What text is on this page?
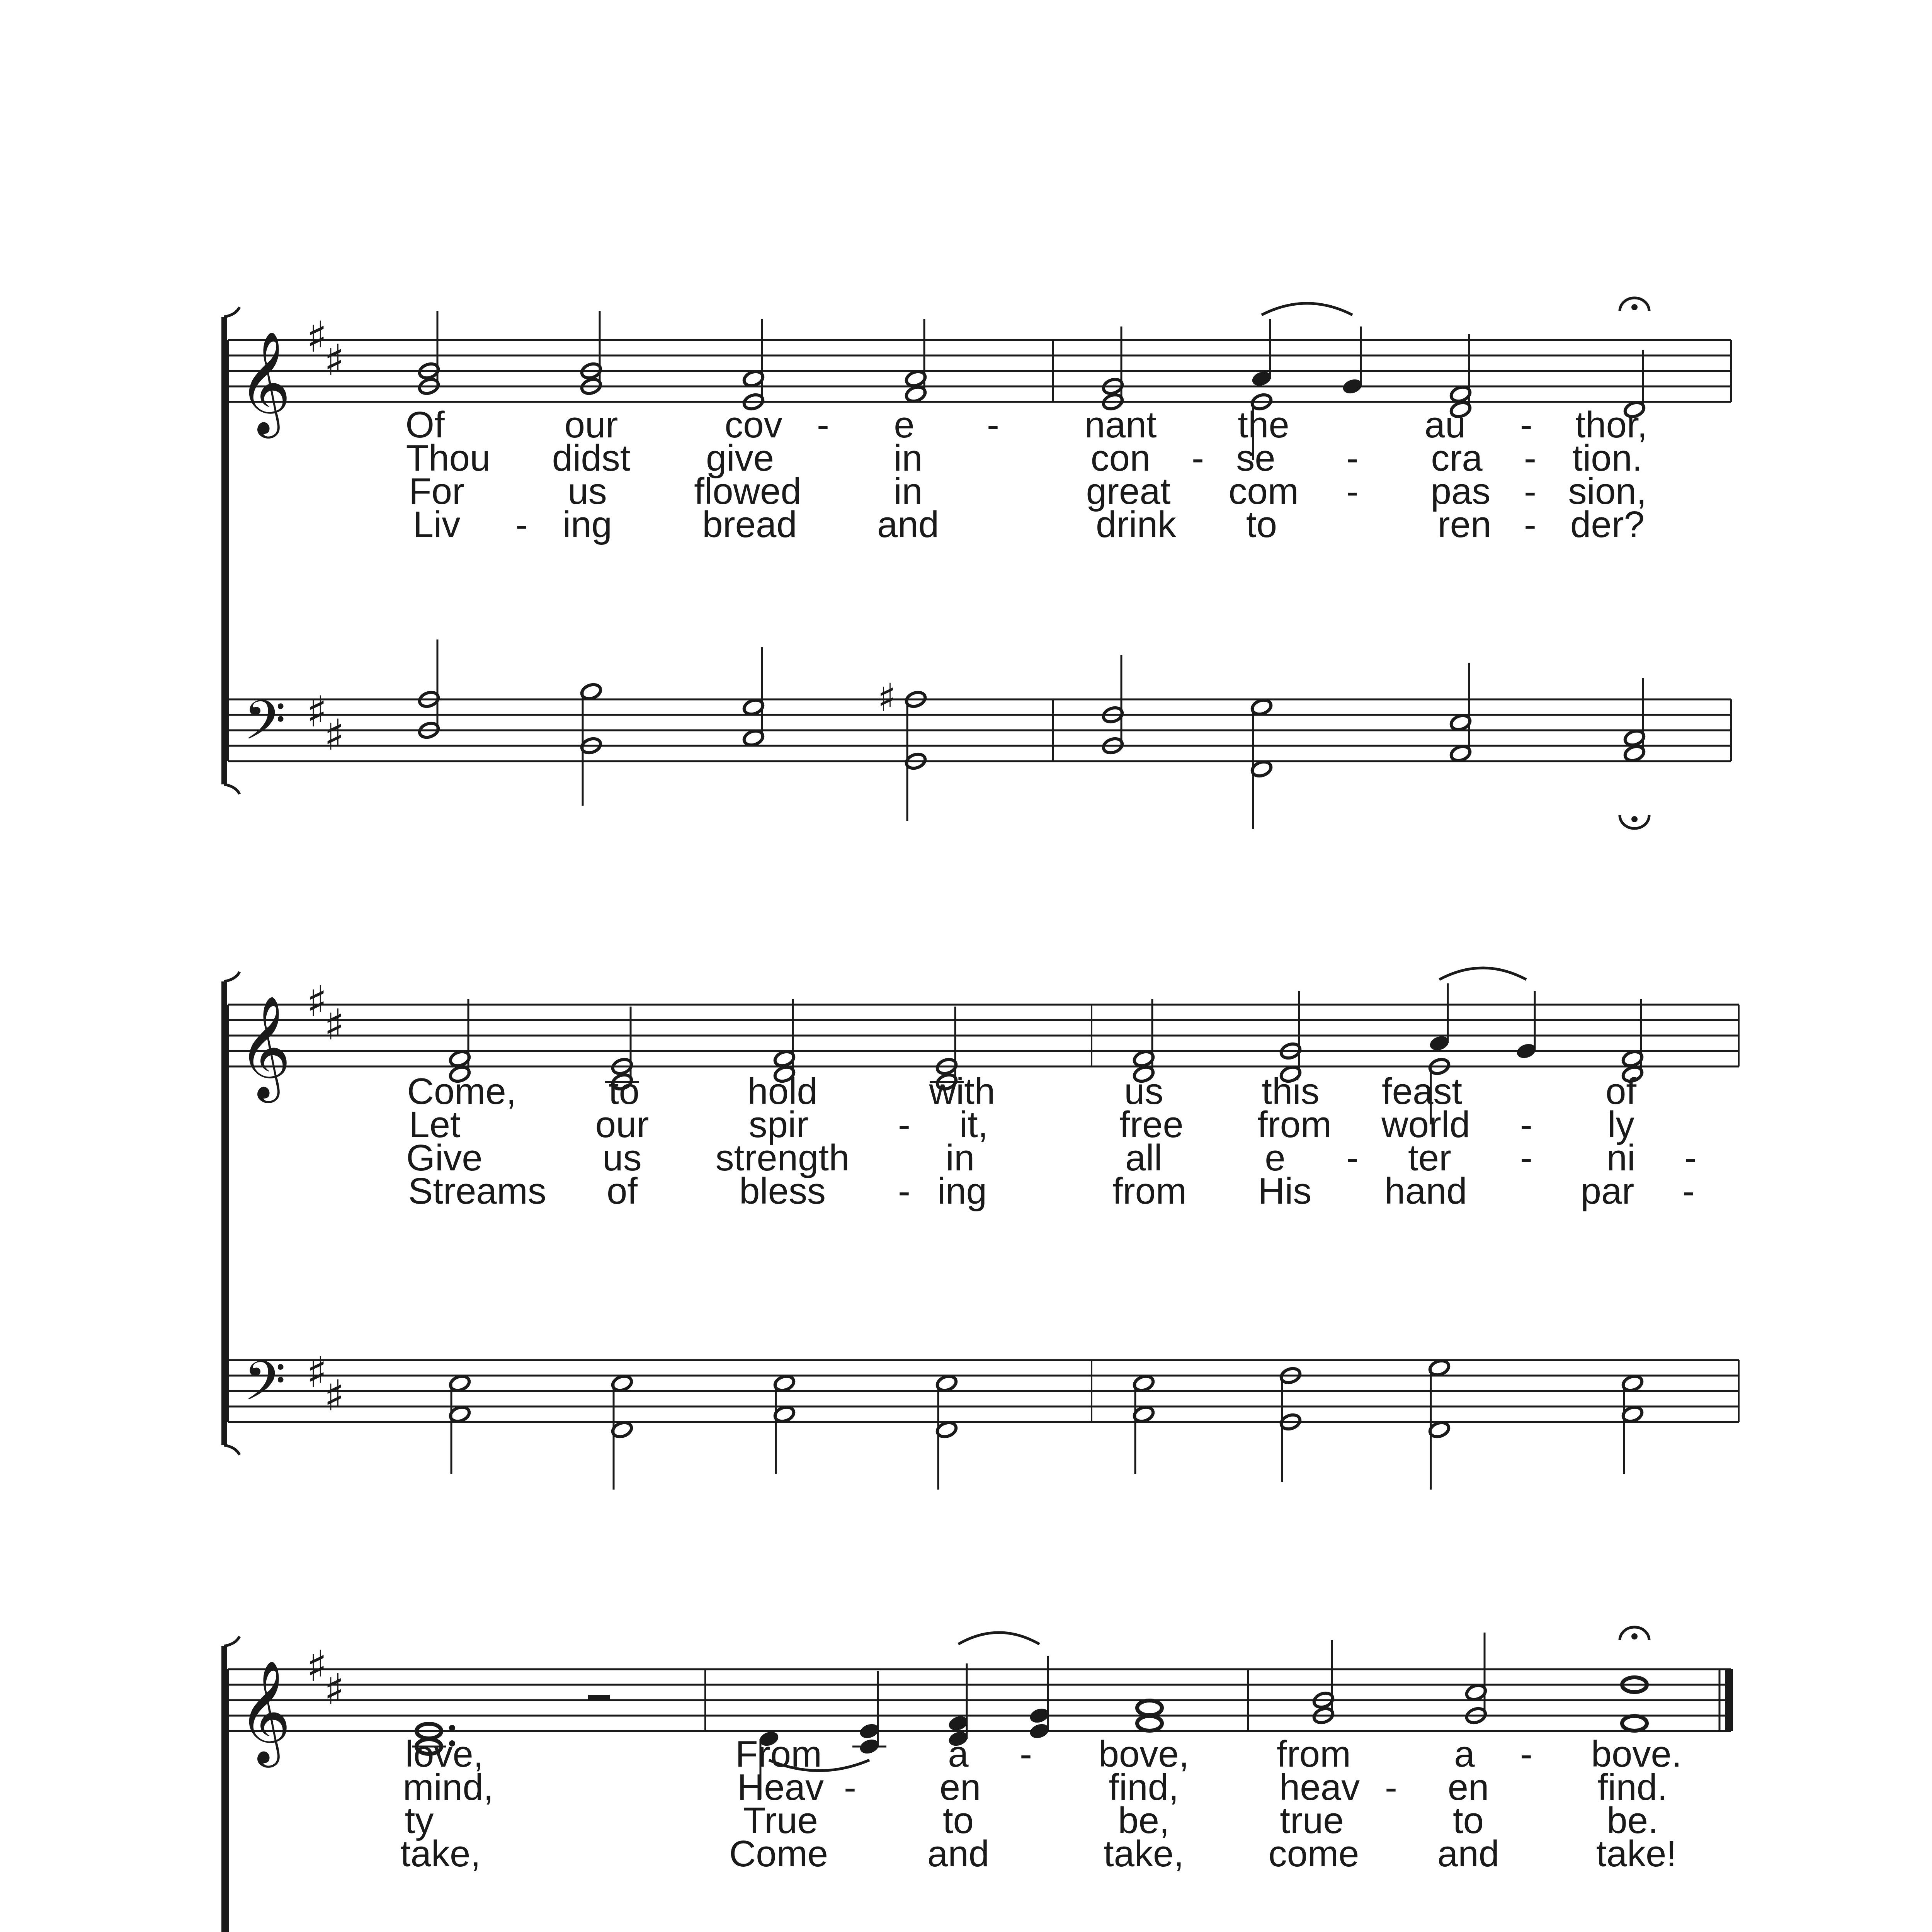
𝄞
𝄢
♯
♯
♯
♯
♯
𝄞
𝄢
♯
♯
♯
♯
𝄞 ♯
♯
Of	our	cov - e - nant the	au - thor,
Thou didst give	in	con - se - cra - tion.
For	us flowed in	great com - pas - sion,
Liv - ing bread and	drink to	ren - der?
Come, to	hold	with	us	this feast	of
Let	our	spir - it,	free from world - ly
Give	us strength	in	all	e - ter - ni -
Streams of	bless - ing	from His hand	par -
love,	From	a - bove, from	a - bove.
mind,	Heav - en	find,	heav - en	find.
ty	True	to	be,	true	to	be.
take,	Come	and	take, come and	take!
